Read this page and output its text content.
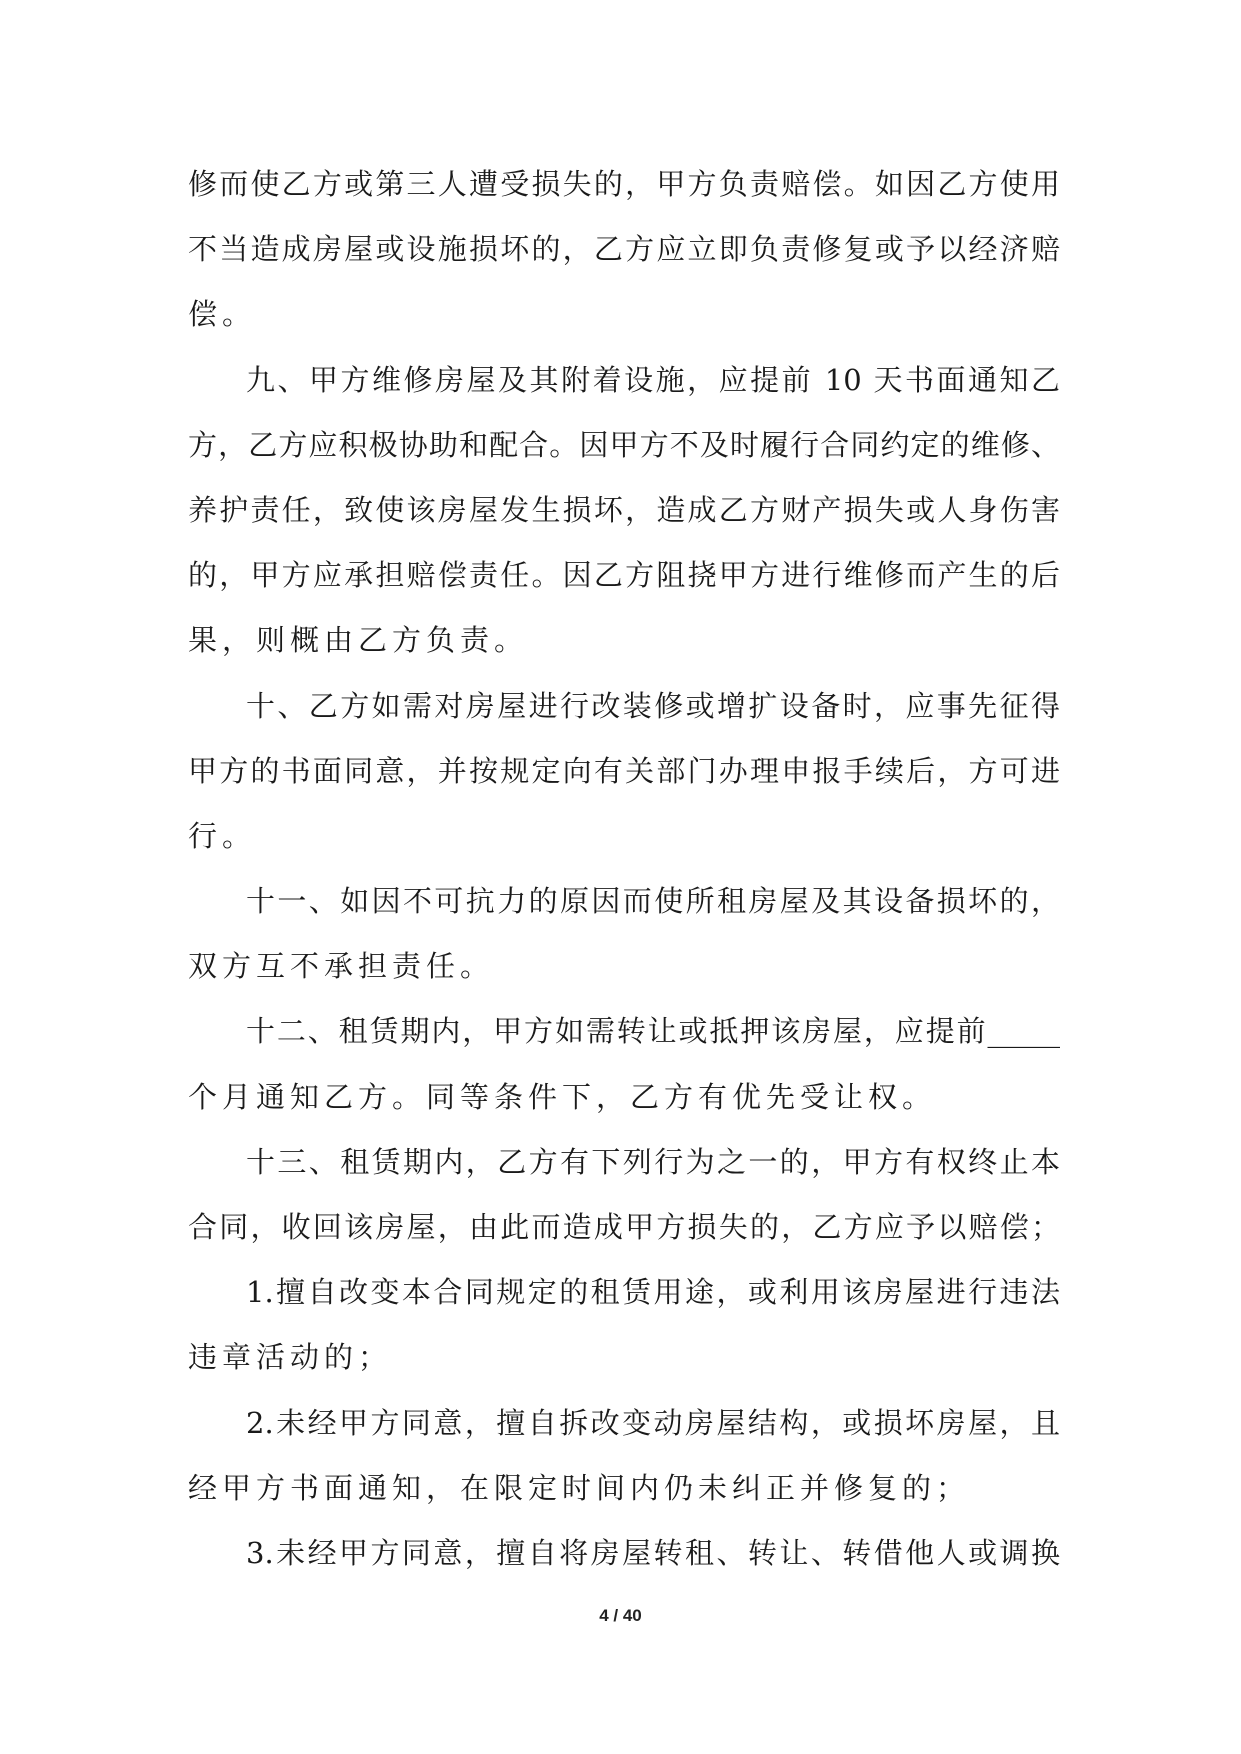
修而使乙方或第三人遭受损失的，甲方负责赔偿。如因乙方使用
不当造成房屋或设施损坏的，乙方应立即负责修复或予以经济赔
偿。
九、甲方维修房屋及其附着设施，应提前 10 天书面通知乙
方，乙方应积极协助和配合。因甲方不及时履行合同约定的维修、
养护责任，致使该房屋发生损坏，造成乙方财产损失或人身伤害
的，甲方应承担赔偿责任。因乙方阻挠甲方进行维修而产生的后
果，则概由乙方负责。
十、乙方如需对房屋进行改装修或增扩设备时，应事先征得
甲方的书面同意，并按规定向有关部门办理申报手续后，方可进
行。
十一、如因不可抗力的原因而使所租房屋及其设备损坏的，
双方互不承担责任。
十二、租赁期内，甲方如需转让或抵押该房屋，应提前_____
个月通知乙方。同等条件下，乙方有优先受让权。
十三、租赁期内，乙方有下列行为之一的，甲方有权终止本
合同，收回该房屋，由此而造成甲方损失的，乙方应予以赔偿；
1.擅自改变本合同规定的租赁用途，或利用该房屋进行违法
违章活动的；
2.未经甲方同意，擅自拆改变动房屋结构，或损坏房屋，且
经甲方书面通知，在限定时间内仍未纠正并修复的；
3.未经甲方同意，擅自将房屋转租、转让、转借他人或调换
4 / 40
